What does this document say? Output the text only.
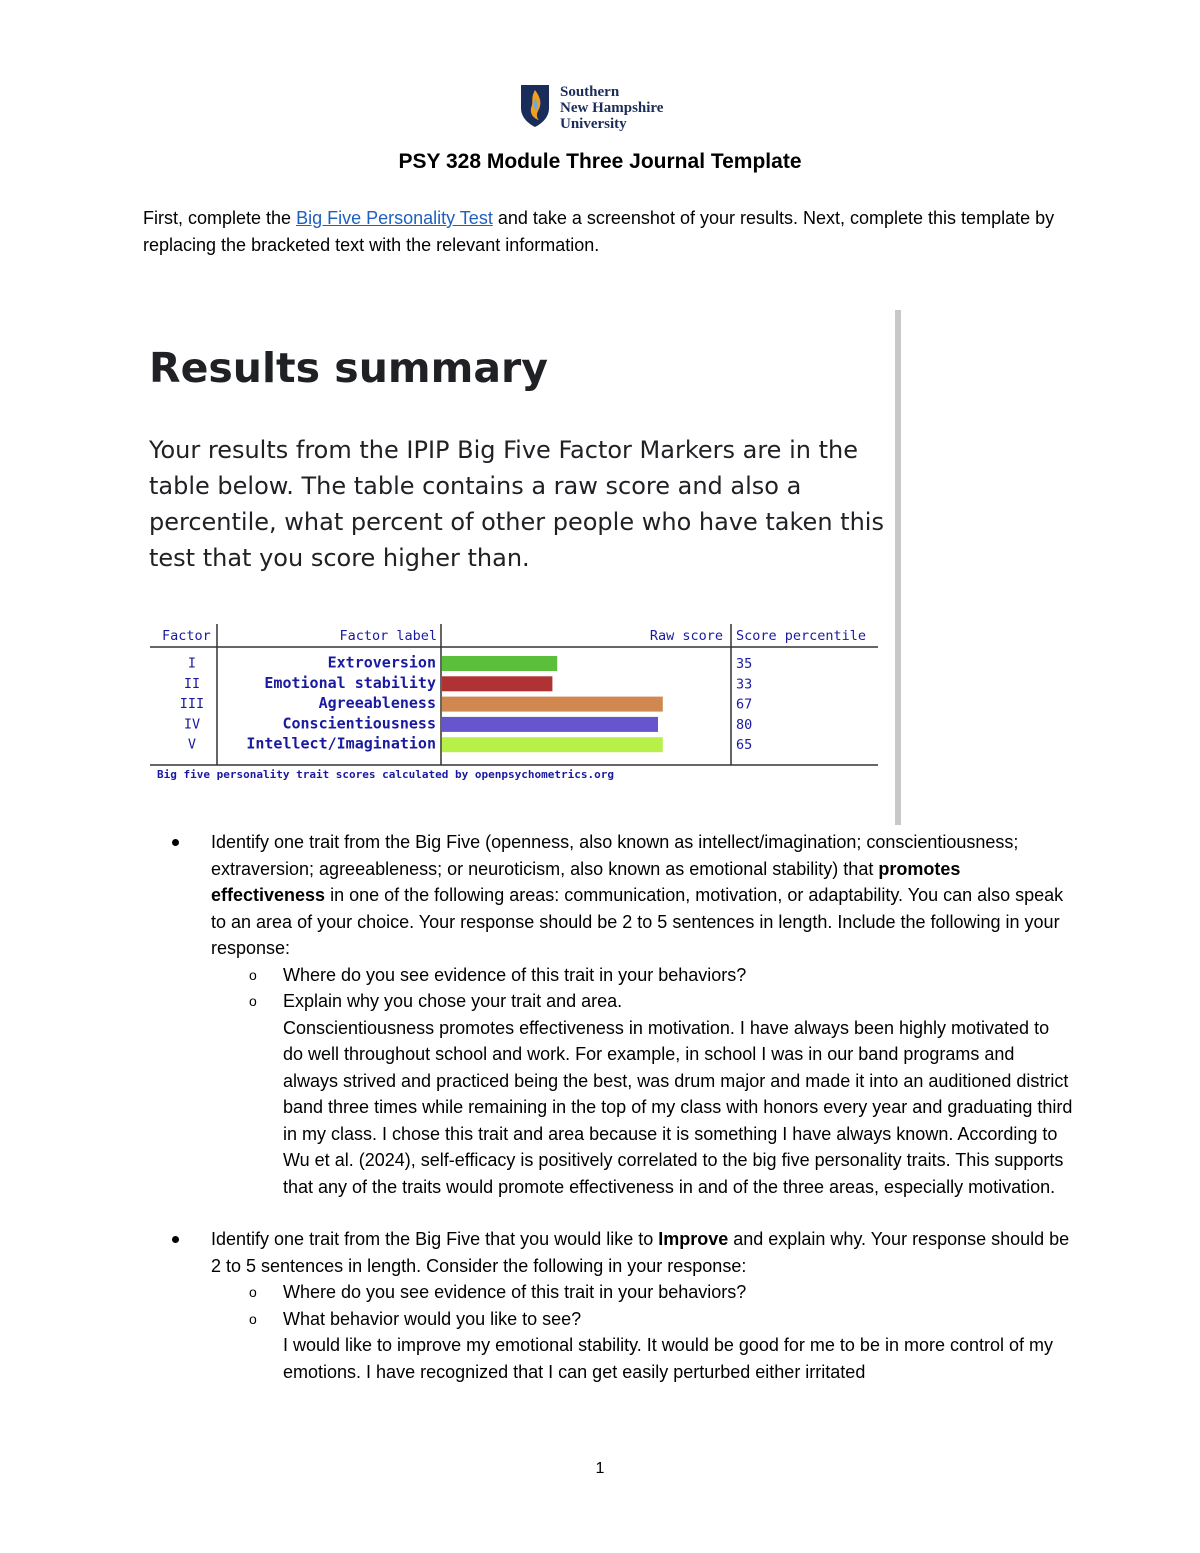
Southern
New Hampshire
University
PSY 328 Module Three Journal Template
First, complete the Big Five Personality Test and take a screenshot of your results. Next, complete this template by replacing the bracketed text with the relevant information.
Results summary
Your results from the IPIP Big Five Factor Markers are in the table below. The table contains a raw score and also a percentile, what percent of other people who have taken this test that you score higher than.
Factor	Factor label	Raw score Score percentile
I	Extroversion	35
II	Emotional stability	33
III	Agreeableness	67
IV	Conscientiousness	80
V	Intellect/Imagination	65
Big five personality trait scores calculated by openpsychometrics.org
Identify one trait from the Big Five (openness, also known as intellect/imagination; conscientiousness; extraversion; agreeableness; or neuroticism, also known as emotional stability) that promotes effectiveness in one of the following areas: communication, motivation, or adaptability. You can also speak to an area of your choice. Your response should be 2 to 5 sentences in length. Include the following in your response:
o Where do you see evidence of this trait in your behaviors?
o Explain why you chose your trait and area.
Conscientiousness promotes effectiveness in motivation. I have always been highly motivated to do well throughout school and work. For example, in school I was in our band programs and always strived and practiced being the best, was drum major and made it into an auditioned district band three times while remaining in the top of my class with honors every year and graduating third in my class. I chose this trait and area because it is something I have always known. According to Wu et al. (2024), self-efficacy is positively correlated to the big five personality traits. This supports that any of the traits would promote effectiveness in and of the three areas, especially motivation.
Identify one trait from the Big Five that you would like to Improve and explain why. Your response should be 2 to 5 sentences in length. Consider the following in your response:
o Where do you see evidence of this trait in your behaviors?
o What behavior would you like to see?
I would like to improve my emotional stability. It would be good for me to be in more control of my emotions. I have recognized that I can get easily perturbed either irritated
1
